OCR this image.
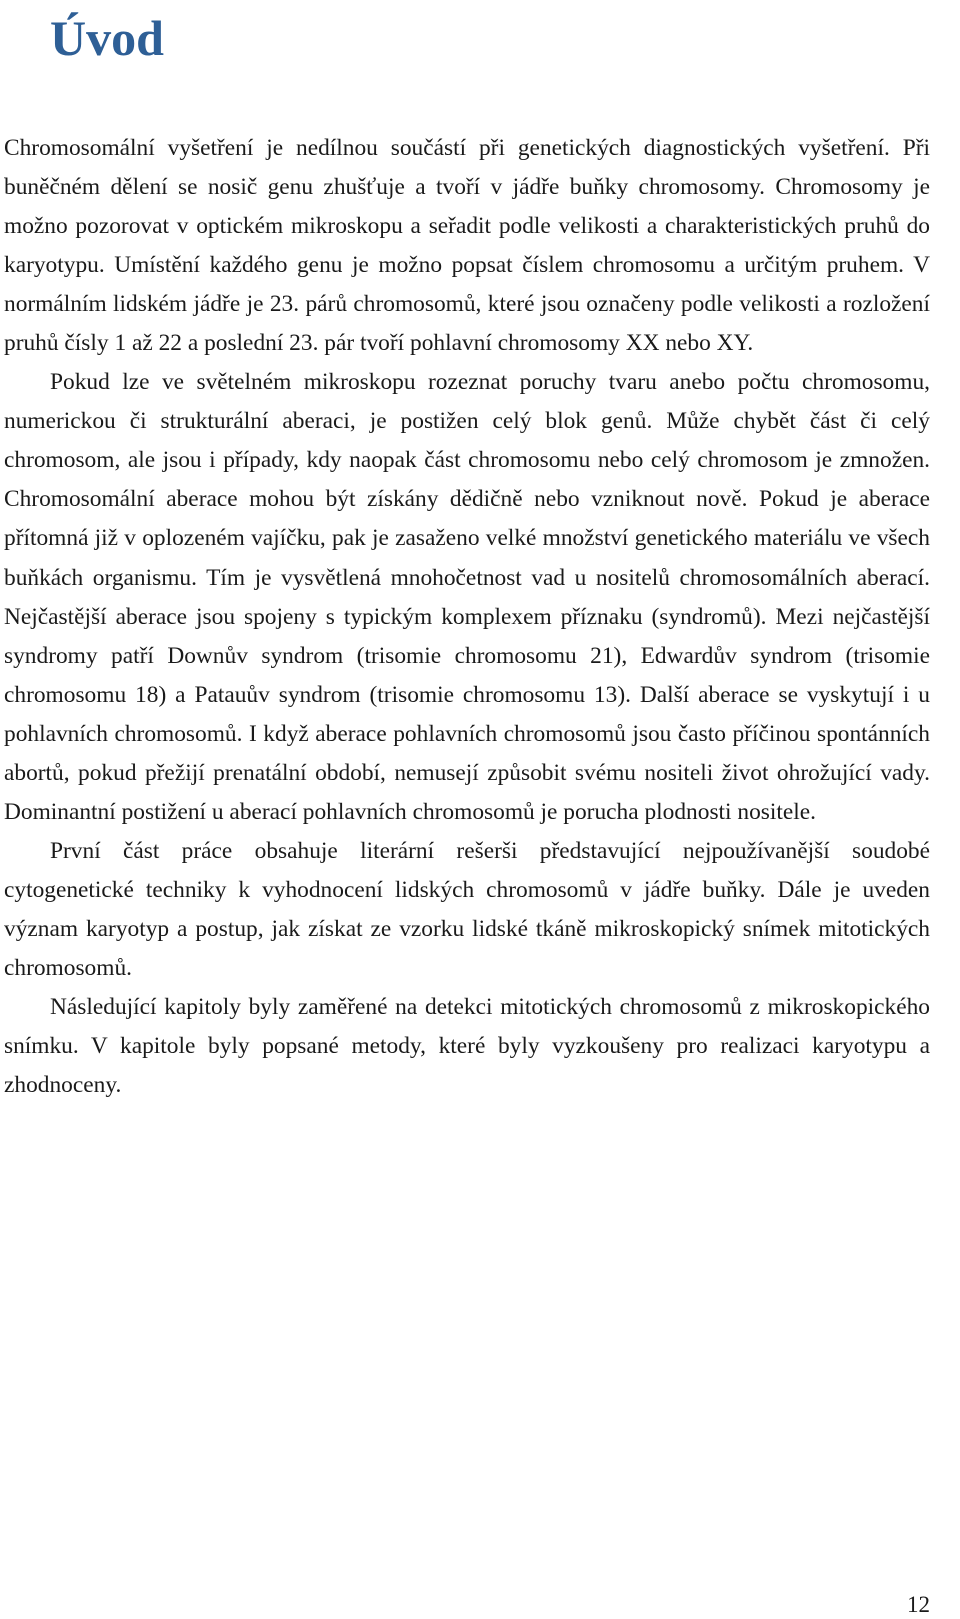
Úvod

Chromosomální vyšetření je nedílnou součástí při genetických diagnostických vyšetření. Při buněčném dělení se nosič genu zhušťuje a tvoří v jádře buňky chromosomy. Chromosomy je možno pozorovat v optickém mikroskopu a seřadit podle velikosti a charakteristických pruhů do karyotypu. Umístění každého genu je možno popsat číslem chromosomu a určitým pruhem. V normálním lidském jádře je 23. párů chromosomů, které jsou označeny podle velikosti a rozložení pruhů čísly 1 až 22 a poslední 23. pár tvoří pohlavní chromosomy XX nebo XY.

Pokud lze ve světelném mikroskopu rozeznat poruchy tvaru anebo počtu chromosomu, numerickou či strukturální aberaci, je postižen celý blok genů. Může chybět část či celý chromosom, ale jsou i případy, kdy naopak část chromosomu nebo celý chromosom je zmnožen. Chromosomální aberace mohou být získány dědičně nebo vzniknout nově. Pokud je aberace přítomná již v oplozeném vajíčku, pak je zasaženo velké množství genetického materiálu ve všech buňkách organismu. Tím je vysvětlená mnohočetnost vad u nositelů chromosomálních aberací. Nejčastější aberace jsou spojeny s typickým komplexem příznaku (syndromů). Mezi nejčastější syndromy patří Downův syndrom (trisomie chromosomu 21), Edwardův syndrom (trisomie chromosomu 18) a Patauův syndrom (trisomie chromosomu 13). Další aberace se vyskytují i u pohlavních chromosomů. I když aberace pohlavních chromosomů jsou často příčinou spontánních abortů, pokud přežijí prenatální období, nemusejí způsobit svému nositeli život ohrožující vady. Dominantní postižení u aberací pohlavních chromosomů je porucha plodnosti nositele.

První část práce obsahuje literární rešerši představující nejpoužívanější soudobé cytogenetické techniky k vyhodnocení lidských chromosomů v jádře buňky. Dále je uveden význam karyotyp a postup, jak získat ze vzorku lidské tkáně mikroskopický snímek mitotických chromosomů.

Následující kapitoly byly zaměřené na detekci mitotických chromosomů z mikroskopického snímku. V kapitole byly popsané metody, které byly vyzkoušeny pro realizaci karyotypu a zhodnoceny.

12
